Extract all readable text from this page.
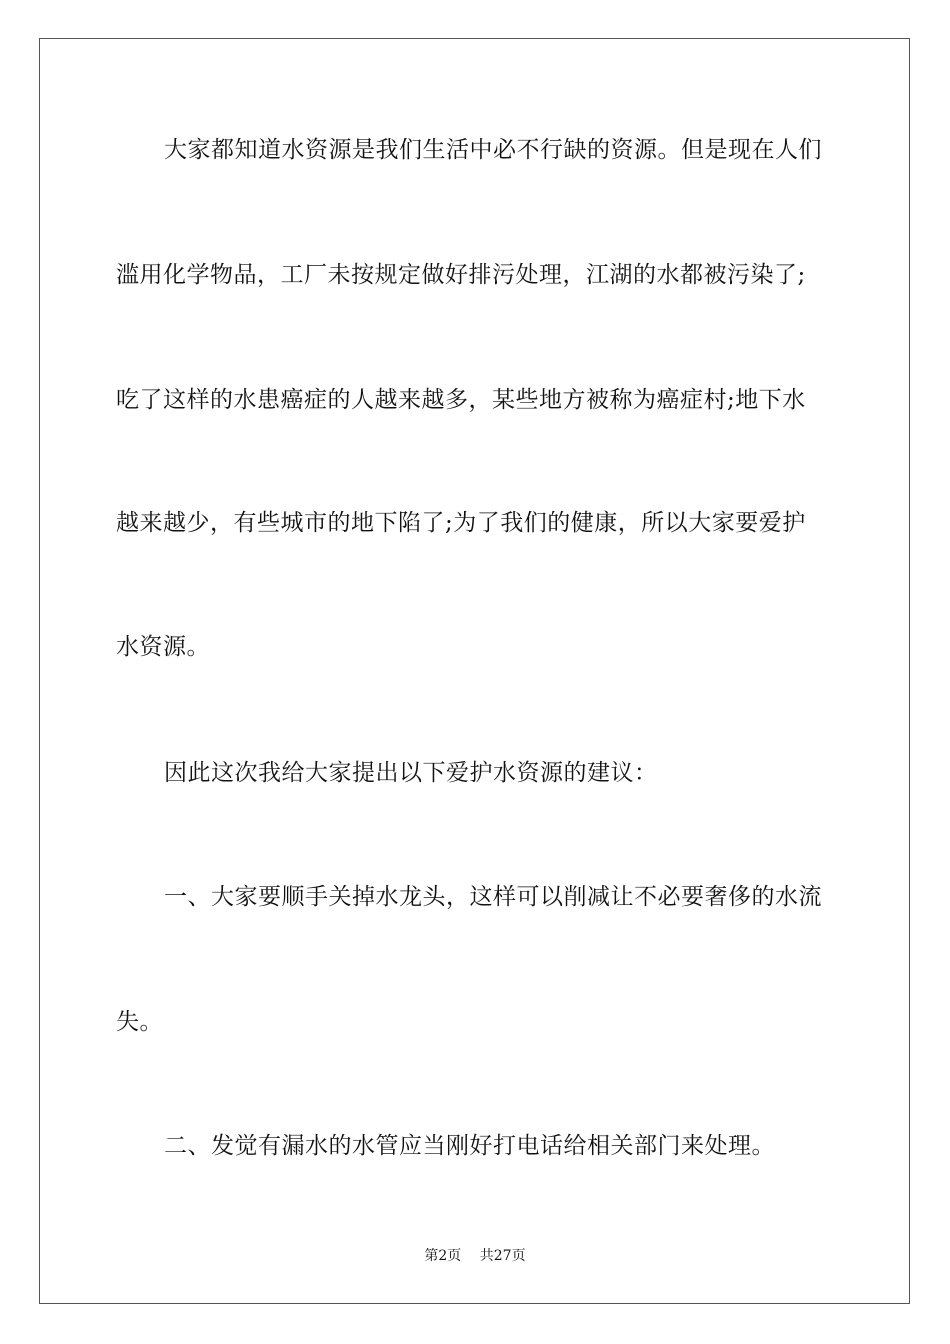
大家都知道水资源是我们生活中必不行缺的资源。但是现在人们
滥用化学物品，工厂未按规定做好排污处理，江湖的水都被污染了;
吃了这样的水患癌症的人越来越多，某些地方被称为癌症村;地下水
越来越少，有些城市的地下陷了;为了我们的健康，所以大家要爱护
水资源。
因此这次我给大家提出以下爱护水资源的建议：
一、大家要顺手关掉水龙头，这样可以削减让不必要奢侈的水流
失。
二、发觉有漏水的水管应当刚好打电话给相关部门来处理。
第2页 共27页
